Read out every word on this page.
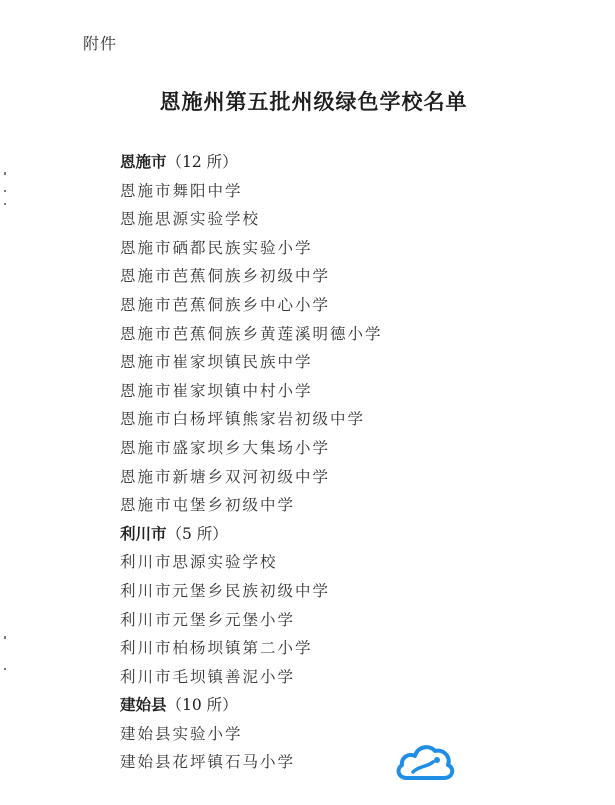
附件
恩施州第五批州级绿色学校名单
恩施市（12 所）
恩施市舞阳中学
恩施思源实验学校
恩施市硒都民族实验小学
恩施市芭蕉侗族乡初级中学
恩施市芭蕉侗族乡中心小学
恩施市芭蕉侗族乡黄莲溪明德小学
恩施市崔家坝镇民族中学
恩施市崔家坝镇中村小学
恩施市白杨坪镇熊家岩初级中学
恩施市盛家坝乡大集场小学
恩施市新塘乡双河初级中学
恩施市屯堡乡初级中学
利川市（5 所）
利川市思源实验学校
利川市元堡乡民族初级中学
利川市元堡乡元堡小学
利川市柏杨坝镇第二小学
利川市毛坝镇善泥小学
建始县（10 所）
建始县实验小学
建始县花坪镇石马小学
